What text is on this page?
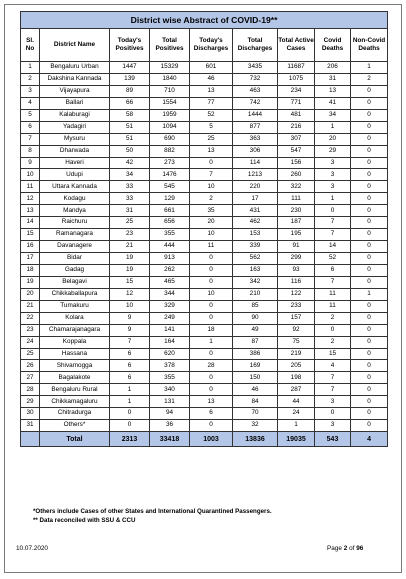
District wise Abstract of COVID-19**								
Sl. No	District Name	Today's Positives	Total Positives	Today's Discharges	Total Discharges	Total Active Cases	Covid Deaths	Non-Covid Deaths
1	Bengaluru Urban	1447	15329	601	3435	11687	206	1
2	Dakshina Kannada	139	1840	46	732	1075	31	2
3	Vijayapura	89	710	13	463	234	13	0
4	Ballari	66	1554	77	742	771	41	0
5	Kalaburagi	58	1959	52	1444	481	34	0
6	Yadagiri	51	1094	5	877	216	1	0
7	Mysuru	51	690	25	363	307	20	0
8	Dharwada	50	882	13	306	547	29	0
9	Haveri	42	273	0	114	156	3	0
10	Udupi	34	1476	7	1213	260	3	0
11	Uttara Kannada	33	545	10	220	322	3	0
12	Kodagu	33	129	2	17	111	1	0
13	Mandya	31	661	35	431	230	0	0
14	Raichuru	25	656	20	462	187	7	0
15	Ramanagara	23	355	10	153	195	7	0
16	Davanagere	21	444	11	339	91	14	0
17	Bidar	19	913	0	562	299	52	0
18	Gadag	19	262	0	163	93	6	0
19	Belagavi	15	465	0	342	116	7	0
20	Chikkaballapura	12	344	10	210	122	11	1
21	Tumakuru	10	329	0	85	233	11	0
22	Kolara	9	249	0	90	157	2	0
23	Chamarajanagara	9	141	18	49	92	0	0
24	Koppala	7	164	1	87	75	2	0
25	Hassana	6	620	0	386	219	15	0
26	Shivamogga	6	378	28	169	205	4	0
27	Bagalakote	6	355	0	150	198	7	0
28	Bengaluru Rural	1	340	0	46	287	7	0
29	Chikkamagaluru	1	131	13	84	44	3	0
30	Chitradurga	0	94	6	70	24	0	0
31	Others*	0	36	0	32	1	3	0
	Total	2313	33418	1003	13836	19035	543	4
*Others include Cases of other States and International Quarantined Passengers.
** Data reconciled with SSU & CCU
10.07.2020	Page 2 of 96
